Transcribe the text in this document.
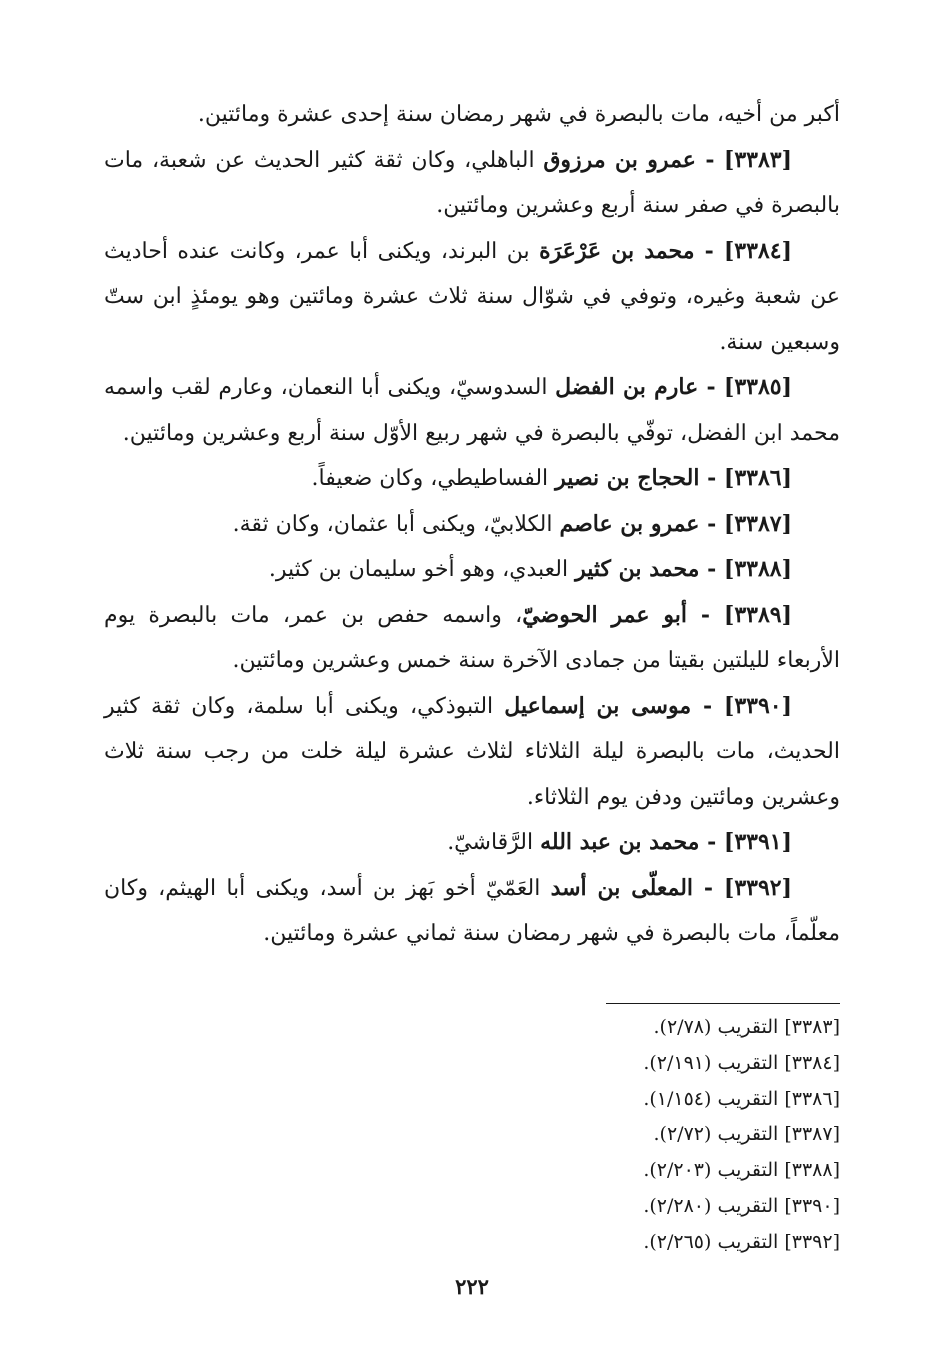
أكبر من أخيه، مات بالبصرة في شهر رمضان سنة إحدى عشرة ومائتين.

[٣٣٨٣] - عمرو بن مرزوق الباهلي، وكان ثقة كثير الحديث عن شعبة، مات بالبصرة في صفر سنة أربع وعشرين ومائتين.

[٣٣٨٤] - محمد بن عَرْعَرَة بن البرند، ويكنى أبا عمر، وكانت عنده أحاديث عن شعبة وغيره، وتوفي في شوّال سنة ثلاث عشرة ومائتين وهو يومئذٍ ابن ستّ وسبعين سنة.

[٣٣٨٥] - عارم بن الفضل السدوسيّ، ويكنى أبا النعمان، وعارم لقب واسمه محمد ابن الفضل، توفّي بالبصرة في شهر ربيع الأوّل سنة أربع وعشرين ومائتين.

[٣٣٨٦] - الحجاج بن نصير الفساطيطي، وكان ضعيفاً.

[٣٣٨٧] - عمرو بن عاصم الكلابيّ، ويكنى أبا عثمان، وكان ثقة.

[٣٣٨٨] - محمد بن كثير العبدي، وهو أخو سليمان بن كثير.

[٣٣٨٩] - أبو عمر الحوضيّ، واسمه حفص بن عمر، مات بالبصرة يوم الأربعاء لليلتين بقيتا من جمادى الآخرة سنة خمس وعشرين ومائتين.

[٣٣٩٠] - موسى بن إسماعيل التبوذكي، ويكنى أبا سلمة، وكان ثقة كثير الحديث، مات بالبصرة ليلة الثلاثاء لثلاث عشرة ليلة خلت من رجب سنة ثلاث وعشرين ومائتين ودفن يوم الثلاثاء.

[٣٣٩١] - محمد بن عبد الله الرَّقاشيّ.

[٣٣٩٢] - المعلّى بن أسد العَمّيّ أخو بَهز بن أسد، ويكنى أبا الهيثم، وكان معلّماً، مات بالبصرة في شهر رمضان سنة ثماني عشرة ومائتين.

[٣٣٨٣] التقريب (٢/٧٨).
[٣٣٨٤] التقريب (٢/١٩١).
[٣٣٨٦] التقريب (١/١٥٤).
[٣٣٨٧] التقريب (٢/٧٢).
[٣٣٨٨] التقريب (٢/٢٠٣).
[٣٣٩٠] التقريب (٢/٢٨٠).
[٣٣٩٢] التقريب (٢/٢٦٥).
٢٢٢
